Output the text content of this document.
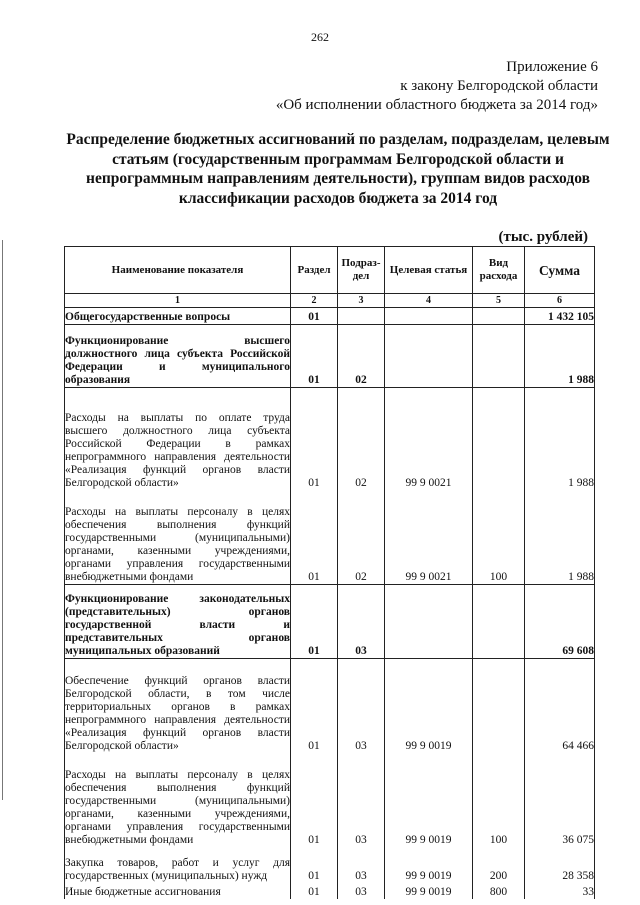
262
Приложение 6
к закону Белгородской области
«Об исполнении областного бюджета за 2014 год»
Распределение бюджетных ассигнований по разделам, подразделам, целевым статьям (государственным программам Белгородской области и непрограммным направлениям деятельности), группам видов расходов классификации расходов бюджета за 2014 год
(тыс. рублей)
Наименование показателя	Раздел	Подраз-дел	Целевая статья	Вид расхода	Сумма
1	2	3	4	5	6
Общегосударственные вопросы	01				1 432 105
Функционирование высшего должностного лица субъекта Российской Федерации и муниципального образования	01	02			1 988
Расходы на выплаты по оплате труда высшего должностного лица субъекта Российской Федерации в рамках непрограммного направления деятельности «Реализация функций органов власти Белгородской области»	01	02	99 9 0021		1 988
Расходы на выплаты персоналу в целях обеспечения выполнения функций государственными (муниципальными) органами, казенными учреждениями, органами управления государственными внебюджетными фондами	01	02	99 9 0021	100	1 988
Функционирование законодательных (представительных) органов государственной власти и представительных органов муниципальных образований	01	03			69 608
Обеспечение функций органов власти Белгородской области, в том числе территориальных органов в рамках непрограммного направления деятельности «Реализация функций органов власти Белгородской области»	01	03	99 9 0019		64 466
Расходы на выплаты персоналу в целях обеспечения выполнения функций государственными (муниципальными) органами, казенными учреждениями, органами управления государственными внебюджетными фондами	01	03	99 9 0019	100	36 075
Закупка товаров, работ и услуг для государственных (муниципальных) нужд	01	03	99 9 0019	200	28 358
Иные бюджетные ассигнования	01	03	99 9 0019	800	33
